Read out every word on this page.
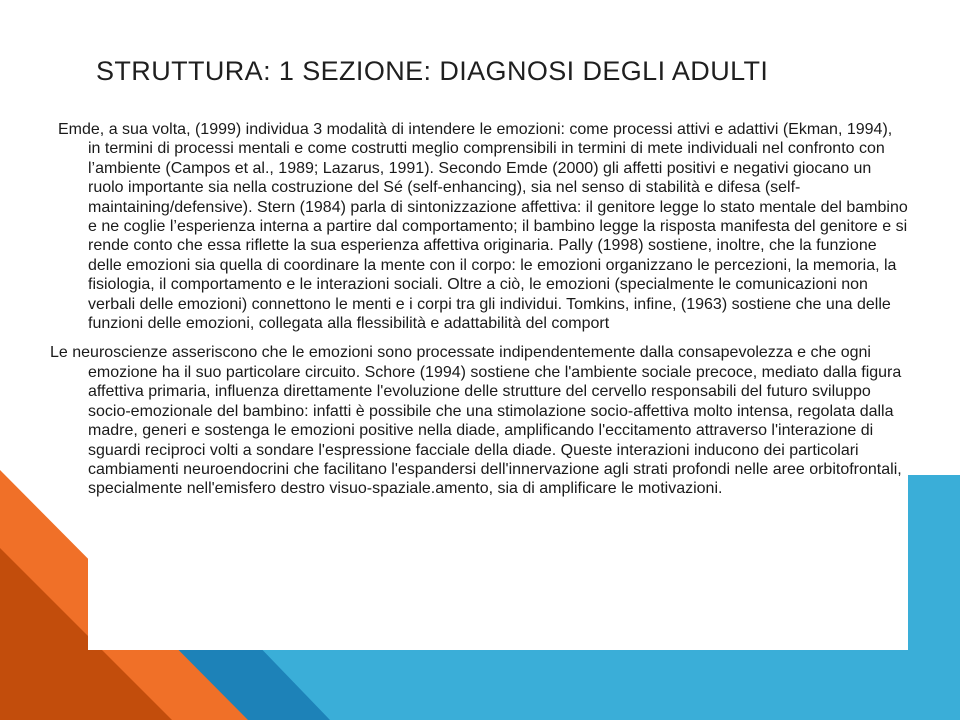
STRUTTURA: 1 SEZIONE: DIAGNOSI DEGLI ADULTI

Emde, a sua volta, (1999) individua 3 modalità di intendere le emozioni: come processi attivi e adattivi (Ekman, 1994), in termini di processi mentali e come costrutti meglio comprensibili in termini di mete individuali nel confronto con l’ambiente (Campos et al., 1989; Lazarus, 1991). Secondo Emde (2000) gli affetti positivi e negativi giocano un ruolo importante sia nella costruzione del Sé (self-enhancing), sia nel senso di stabilità e difesa (self-maintaining/defensive). Stern (1984) parla di sintonizzazione affettiva: il genitore legge lo stato mentale del bambino e ne coglie l’esperienza interna a partire dal comportamento; il bambino legge la risposta manifesta del genitore e si rende conto che essa riflette la sua esperienza affettiva originaria. Pally (1998) sostiene, inoltre, che la funzione delle emozioni sia quella di coordinare la mente con il corpo: le emozioni organizzano le percezioni, la memoria, la fisiologia, il comportamento e le interazioni sociali. Oltre a ciò, le emozioni (specialmente le comunicazioni non verbali delle emozioni) connettono le menti e i corpi tra gli individui. Tomkins, infine, (1963) sostiene che una delle funzioni delle emozioni, collegata alla flessibilità e adattabilità del comport

Le neuroscienze asseriscono che le emozioni sono processate indipendentemente dalla consapevolezza e che ogni emozione ha il suo particolare circuito. Schore (1994) sostiene che l'ambiente sociale precoce, mediato dalla figura affettiva primaria, influenza direttamente l'evoluzione delle strutture del cervello responsabili del futuro sviluppo socio-emozionale del bambino: infatti è possibile che una stimolazione socio-affettiva molto intensa, regolata dalla madre, generi e sostenga le emozioni positive nella diade, amplificando l'eccitamento attraverso l'interazione di sguardi reciproci volti a sondare l'espressione facciale della diade. Queste interazioni inducono dei particolari cambiamenti neuroendocrini che facilitano l'espandersi dell'innervazione agli strati profondi nelle aree orbitofrontali, specialmente nell'emisfero destro visuo-spaziale.amento, sia di amplificare le motivazioni.
